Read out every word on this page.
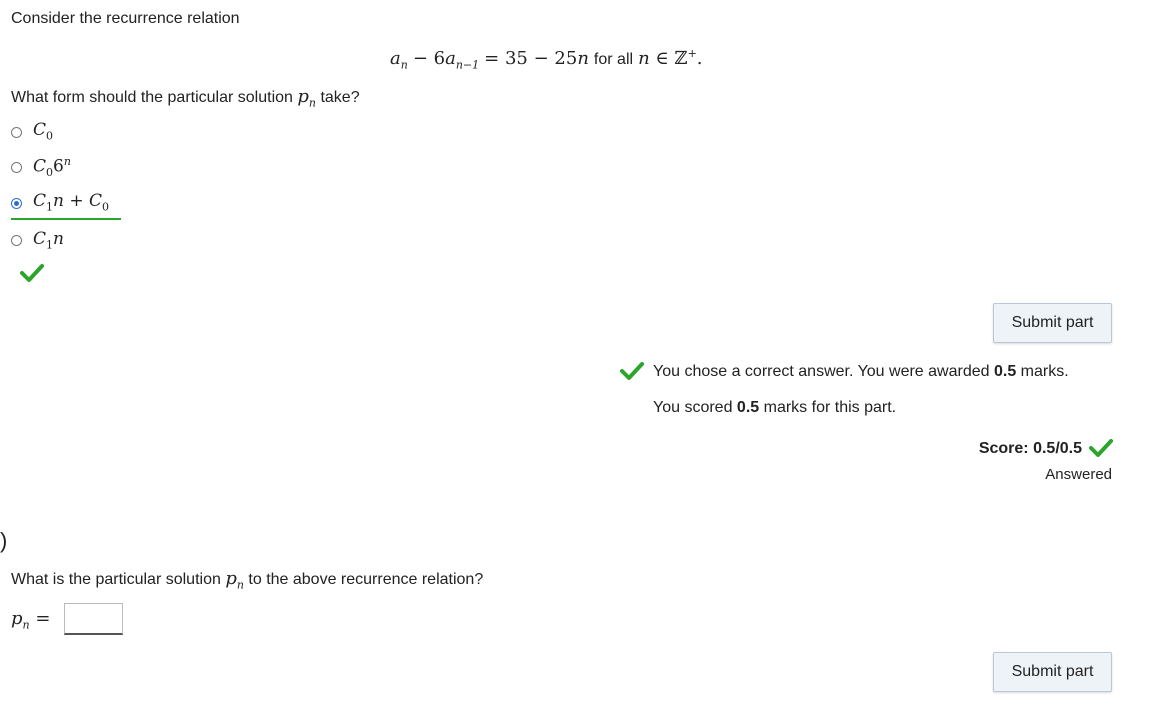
Consider the recurrence relation
$a_n - 6a_{n-1} = 35 - 25n$ for all n ∈ ℤ+.
What form should the particular solution $p_n$ take?
$C_0$
$C_06^n$
$C_1n + C_0$
$C_1n$
Submit part
You chose a correct answer. You were awarded 0.5 marks.
You scored 0.5 marks for this part.
Score: 0.5/0.5
Answered
)
What is the particular solution $p_n$ to the above recurrence relation?
$p_n$ =
Submit part
